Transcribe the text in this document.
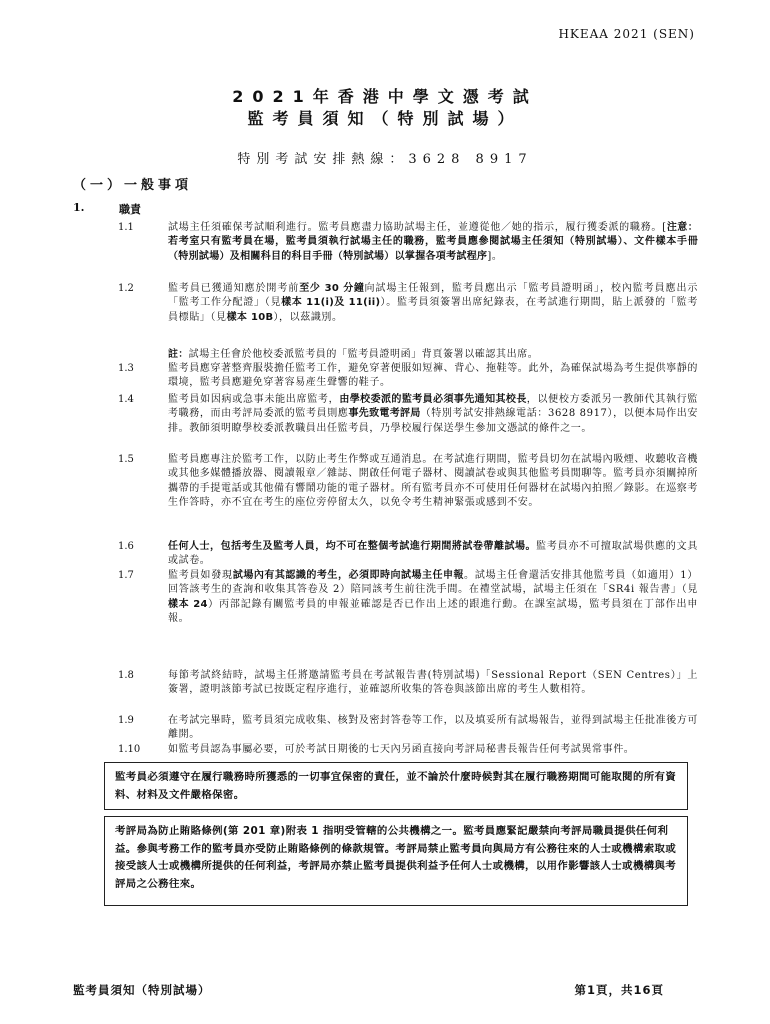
HKEAA 2021 (SEN)
2021年香港中學文憑考試
監考員須知（特別試場）
特別考試安排熱線：3628 8917
（一）一般事項
1.	職責
1.1	試場主任須確保考試順利進行。監考員應盡力協助試場主任，並遵從他／她的指示，履行獲委派的職務。[注意：若考室只有監考員在場，監考員須執行試場主任的職務，監考員應參閱試場主任須知（特別試場）、文件樣本手冊（特別試場）及相關科目的科目手冊（特別試場）以掌握各項考試程序]。
1.2	監考員已獲通知應於開考前至少 30 分鐘向試場主任報到，監考員應出示「監考員證明函」，校內監考員應出示「監考工作分配證」（見樣本 11(i)及 11(ii)）。監考員須簽署出席紀錄表，在考試進行期間，貼上派發的「監考員標貼」（見樣本 10B），以茲識別。
註：試場主任會於他校委派監考員的「監考員證明函」背頁簽署以確認其出席。
1.3	監考員應穿著整齊服裝擔任監考工作，避免穿著便服如短褲、背心、拖鞋等。此外，為確保試場為考生提供寧靜的環境，監考員應避免穿著容易產生聲響的鞋子。
1.4	監考員如因病或急事未能出席監考，由學校委派的監考員必須事先通知其校長，以便校方委派另一教師代其執行監考職務，而由考評局委派的監考員則應事先致電考評局（特別考試安排熱線電話：3628 8917），以便本局作出安排。教師須明瞭學校委派教職員出任監考員，乃學校履行保送學生參加文憑試的條件之一。
1.5	監考員應專注於監考工作，以防止考生作弊或互通消息。在考試進行期間，監考員切勿在試場內吸煙、收聽收音機或其他多媒體播放器、閱讀報章／雜誌、開啟任何電子器材、閱讀試卷或與其他監考員閒聊等。監考員亦須關掉所攜帶的手提電話或其他備有響鬧功能的電子器材。所有監考員亦不可使用任何器材在試場內拍照／錄影。在巡察考生作答時，亦不宜在考生的座位旁停留太久，以免令考生精神緊張或感到不安。
1.6	任何人士，包括考生及監考人員，均不可在整個考試進行期間將試卷帶離試場。監考員亦不可擅取試場供應的文具或試卷。
1.7	監考員如發現試場內有其認識的考生，必須即時向試場主任申報。試場主任會還活安排其他監考員（如適用）1）回答該考生的查詢和收集其答卷及 2）陪同該考生前往洗手間。在禮堂試場，試場主任須在「SR4i 報告書」（見樣本 24）丙部記錄有關監考員的申報並確認是否已作出上述的跟進行動。在課室試場，監考員須在丁部作出申報。
1.8	每節考試終結時，試場主任將邀請監考員在考試報告書(特別試場)「Sessional Report（SEN Centres）」上簽署，證明該節考試已按既定程序進行，並確認所收集的答卷與該節出席的考生人數相符。
1.9	在考試完畢時，監考員須完成收集、核對及密封答卷等工作，以及填妥所有試場報告，並得到試場主任批准後方可離開。
1.10	如監考員認為事屬必要，可於考試日期後的七天內另函直接向考評局秘書長報告任何考試異常事件。
監考員必須遵守在履行職務時所獲悉的一切事宜保密的責任，並不論於什麼時候對其在履行職務期間可能取閱的所有資料、材料及文件嚴格保密。
考評局為防止賄賂條例(第 201 章)附表 1 指明受管轄的公共機構之一。監考員應緊記嚴禁向考評局職員提供任何利益。參與考務工作的監考員亦受防止賄賂條例的條款規管。考評局禁止監考員向與局方有公務往來的人士或機構索取或接受該人士或機構所提供的任何利益，考評局亦禁止監考員提供利益予任何人士或機構，以用作影響該人士或機構與考評局之公務往來。
監考員須知（特別試場）	第1頁，共16頁
